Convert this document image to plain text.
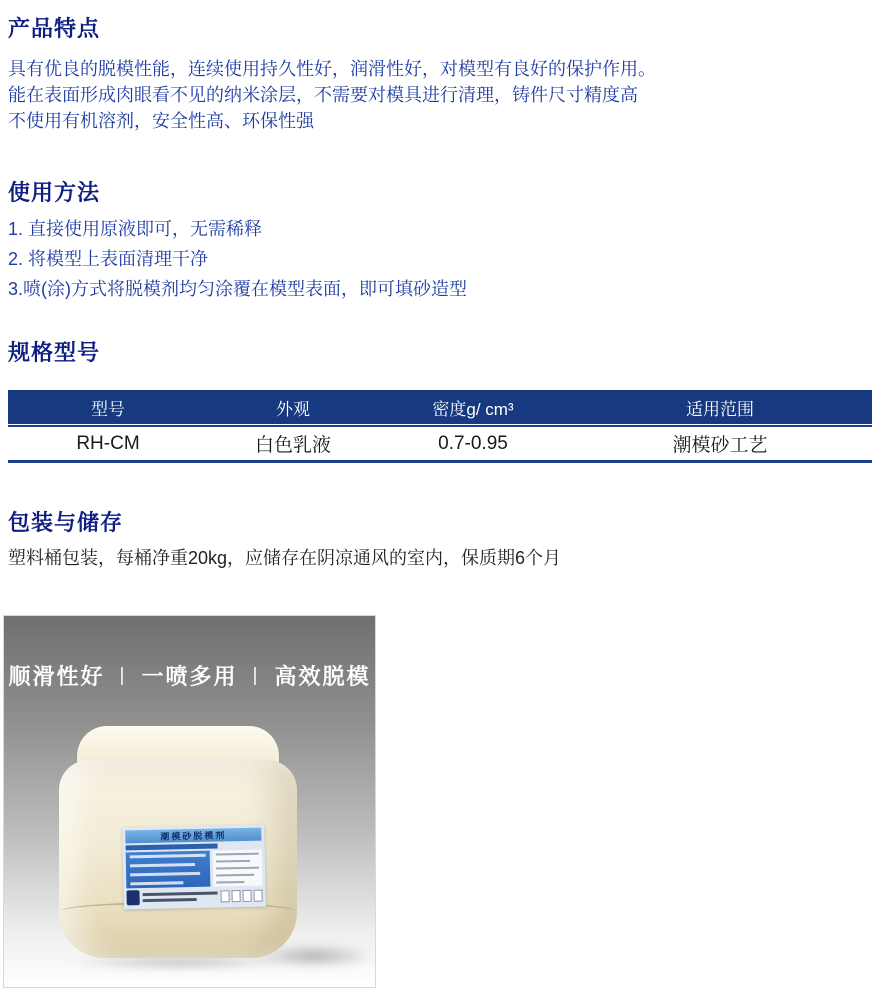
产品特点
具有优良的脱模性能，连续使用持久性好，润滑性好，对模型有良好的保护作用。
能在表面形成肉眼看不见的纳米涂层，不需要对模具进行清理，铸件尺寸精度高
不使用有机溶剂，安全性高、环保性强
使用方法
1. 直接使用原液即可，无需稀释
2. 将模型上表面清理干净
3.喷(涂)方式将脱模剂均匀涂覆在模型表面，即可填砂造型
规格型号
型号	外观	密度g/ cm³	适用范围
RH-CM	白色乳液	0.7-0.95	潮模砂工艺
包装与储存

塑料桶包装，每桶净重20kg，应储存在阴凉通风的室内，保质期6个月

顺滑性好 | 一喷多用 | 高效脱模
潮模砂脱模剂
